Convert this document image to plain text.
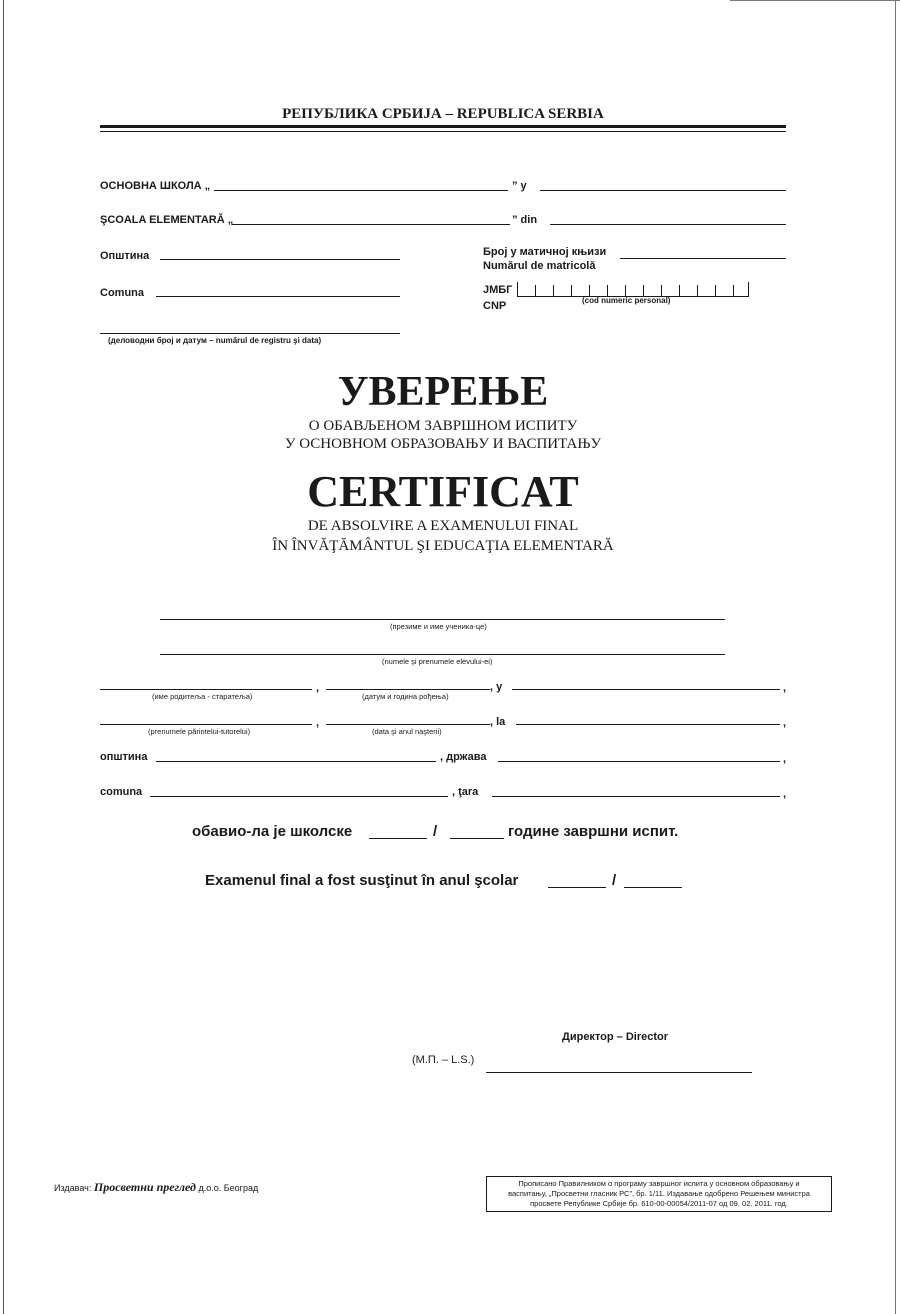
РЕПУБЛИКА СРБИЈА – REPUBLICA SERBIA
ОСНОВНА ШКОЛА „	” у
ŞCOALA ELEMENTARĂ „	” din
Општина
Comuna
Број у матичној књизи
Numărul de matricolă
ЈМБГ
CNP	(cod numeric personal)
(деловодни број и датум – numărul de registru şi data)
УВЕРЕЊЕ
О ОБАВЉЕНОМ ЗАВРШНОМ ИСПИТУ
У ОСНОВНОМ ОБРАЗОВАЊУ И ВАСПИТАЊУ
CERTIFICAT
DE ABSOLVIRE A EXAMENULUI FINAL
ÎN ÎNVĂŢĂMÂNTUL ŞI EDUCAŢIA ELEMENTARĂ
(презиме и име ученика-це)
(numele şi prenumele elevului-ei)
,	, у	,
(име родитеља - старатеља)	(датум и година рођења)
,	, la	,
(prenumele părintelui-tutorelui)	(data şi anul naşterii)
општина	, држава	,
comuna	, ţara	,
обавио-ла је школске	/	године завршни испит.
Examenul final a fost susţinut în anul şcolar	/
Директор – Director
(М.П. – L.S.)
Издавач: Просветни преглед д.о.о. Београд	Прописано Правилником о програму завршног испита у основном образовању и
васпитању, „Просветни гласник РС”, бр. 1/11. Издавање одобрено Решењем министра
просвете Републике Србије бр. 610-00-00054/2011-07 од 09. 02. 2011. год.
